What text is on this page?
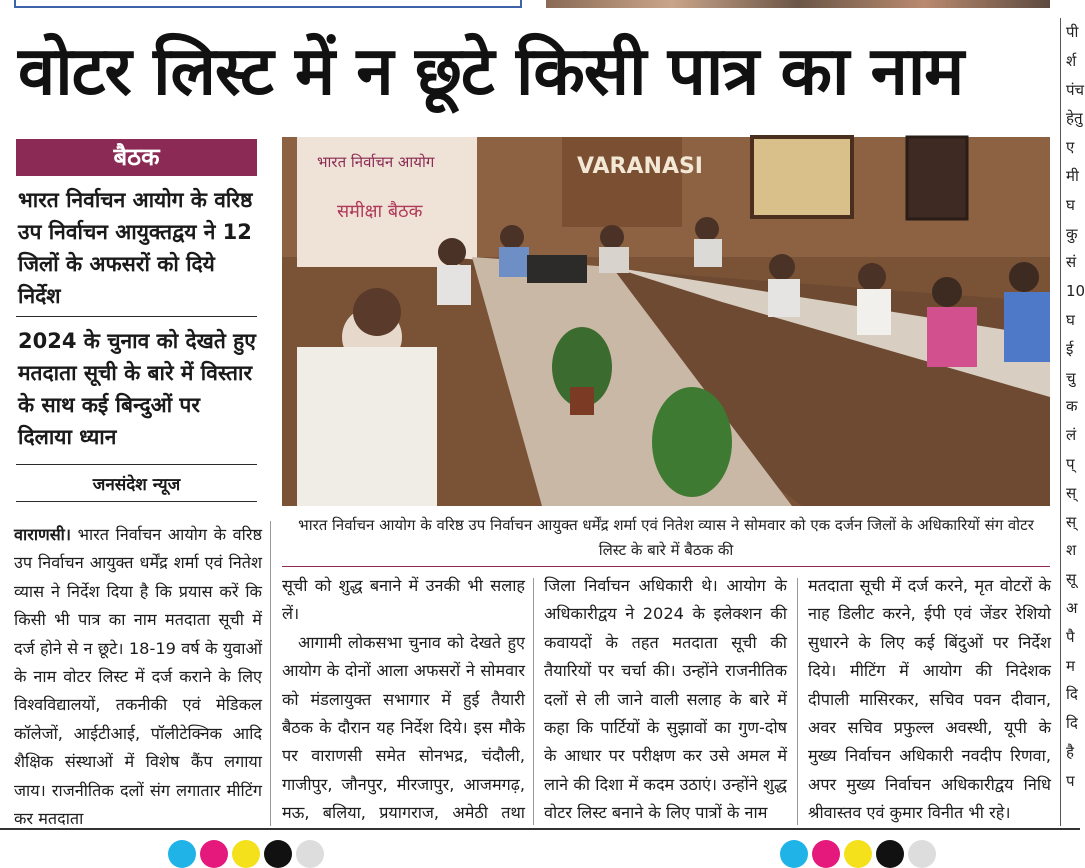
वोटर लिस्ट में न छूटे किसी पात्र का नाम
बैठक
भारत निर्वाचन आयोग के वरिष्ठ उप निर्वाचन आयुक्तद्वय ने 12 जिलों के अफसरों को दिये निर्देश
2024 के चुनाव को देखते हुए मतदाता सूची के बारे में विस्तार के साथ कई बिन्दुओं पर दिलाया ध्यान
जनसंदेश न्यूज
भारत निर्वाचन आयोग
समीक्षा बैठक
VARANASI
भारत निर्वाचन आयोग के वरिष्ठ उप निर्वाचन आयुक्त धर्मेंद्र शर्मा एवं नितेश व्यास ने सोमवार को एक दर्जन जिलों के अधिकारियों संग वोटर लिस्ट के बारे में बैठक की

वाराणसी। भारत निर्वाचन आयोग के वरिष्ठ उप निर्वाचन आयुक्त धर्मेंद्र शर्मा एवं नितेश व्यास ने निर्देश दिया है कि प्रयास करें कि किसी भी पात्र का नाम मतदाता सूची में दर्ज होने से न छूटे। 18-19 वर्ष के युवाओं के नाम वोटर लिस्ट में दर्ज कराने के लिए विश्वविद्यालयों, तकनीकी एवं मेडिकल कॉलेजों, आईटीआई, पॉलीटेक्निक आदि शैक्षिक संस्थाओं में विशेष कैंप लगाया जाय। राजनीतिक दलों संग लगातार मीटिंग कर मतदाता

सूची को शुद्ध बनाने में उनकी भी सलाह लें।

आगामी लोकसभा चुनाव को देखते हुए आयोग के दोनों आला अफसरों ने सोमवार को मंडलायुक्त सभागार में हुई तैयारी बैठक के दौरान यह निर्देश दिये। इस मौके पर वाराणसी समेत सोनभद्र, चंदौली, गाजीपुर, जौनपुर, मीरजापुर, आजमगढ़, मऊ, बलिया, प्रयागराज, अमेठी तथा

जिला निर्वाचन अधिकारी थे। आयोग के अधिकारीद्वय ने 2024 के इलेक्शन की कवायदों के तहत मतदाता सूची की तैयारियों पर चर्चा की। उन्होंने राजनीतिक दलों से ली जाने वाली सलाह के बारे में कहा कि पार्टियों के सुझावों का गुण-दोष के आधार पर परीक्षण कर उसे अमल में लाने की दिशा में कदम उठाएं। उन्होंने शुद्ध वोटर लिस्ट बनाने के लिए पात्रों के नाम

मतदाता सूची में दर्ज करने, मृत वोटरों के नाह डिलीट करने, ईपी एवं जेंडर रेशियो सुधारने के लिए कई बिंदुओं पर निर्देश दिये। मीटिंग में आयोग की निदेशक दीपाली मासिरकर, सचिव पवन दीवान, अवर सचिव प्रफुल्ल अवस्थी, यूपी के मुख्य निर्वाचन अधिकारी नवदीप रिणवा, अपर मुख्य निर्वाचन अधिकारीद्वय निधि श्रीवास्तव एवं कुमार विनीत भी रहे।

पी
र्श
पंच
हेतु
ए
मी
घ
कु
सं
10
घ
ई
चु
क
लं
प्
स्
स्
श
सू
अ
पै
म
दि
दि
है
प
